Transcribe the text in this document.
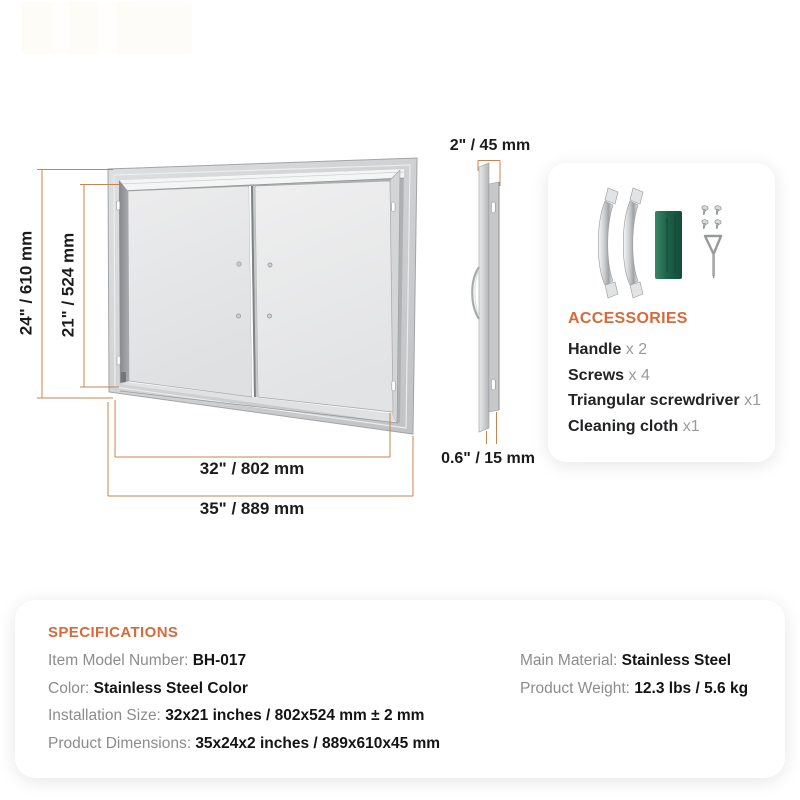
24" / 610 mm 21" / 524 mm
32" / 802 mm
35" / 889 mm
2" / 45 mm
0.6" / 15 mm
ACCESSORIES
Handle x 2
Screws x 4
Triangular screwdriver x1
Cleaning cloth x1
SPECIFICATIONS
Item Model Number: BH-017
Color: Stainless Steel Color
Installation Size: 32x21 inches / 802x524 mm ± 2 mm
Product Dimensions: 35x24x2 inches / 889x610x45 mm
Main Material: Stainless Steel
Product Weight: 12.3 lbs / 5.6 kg
